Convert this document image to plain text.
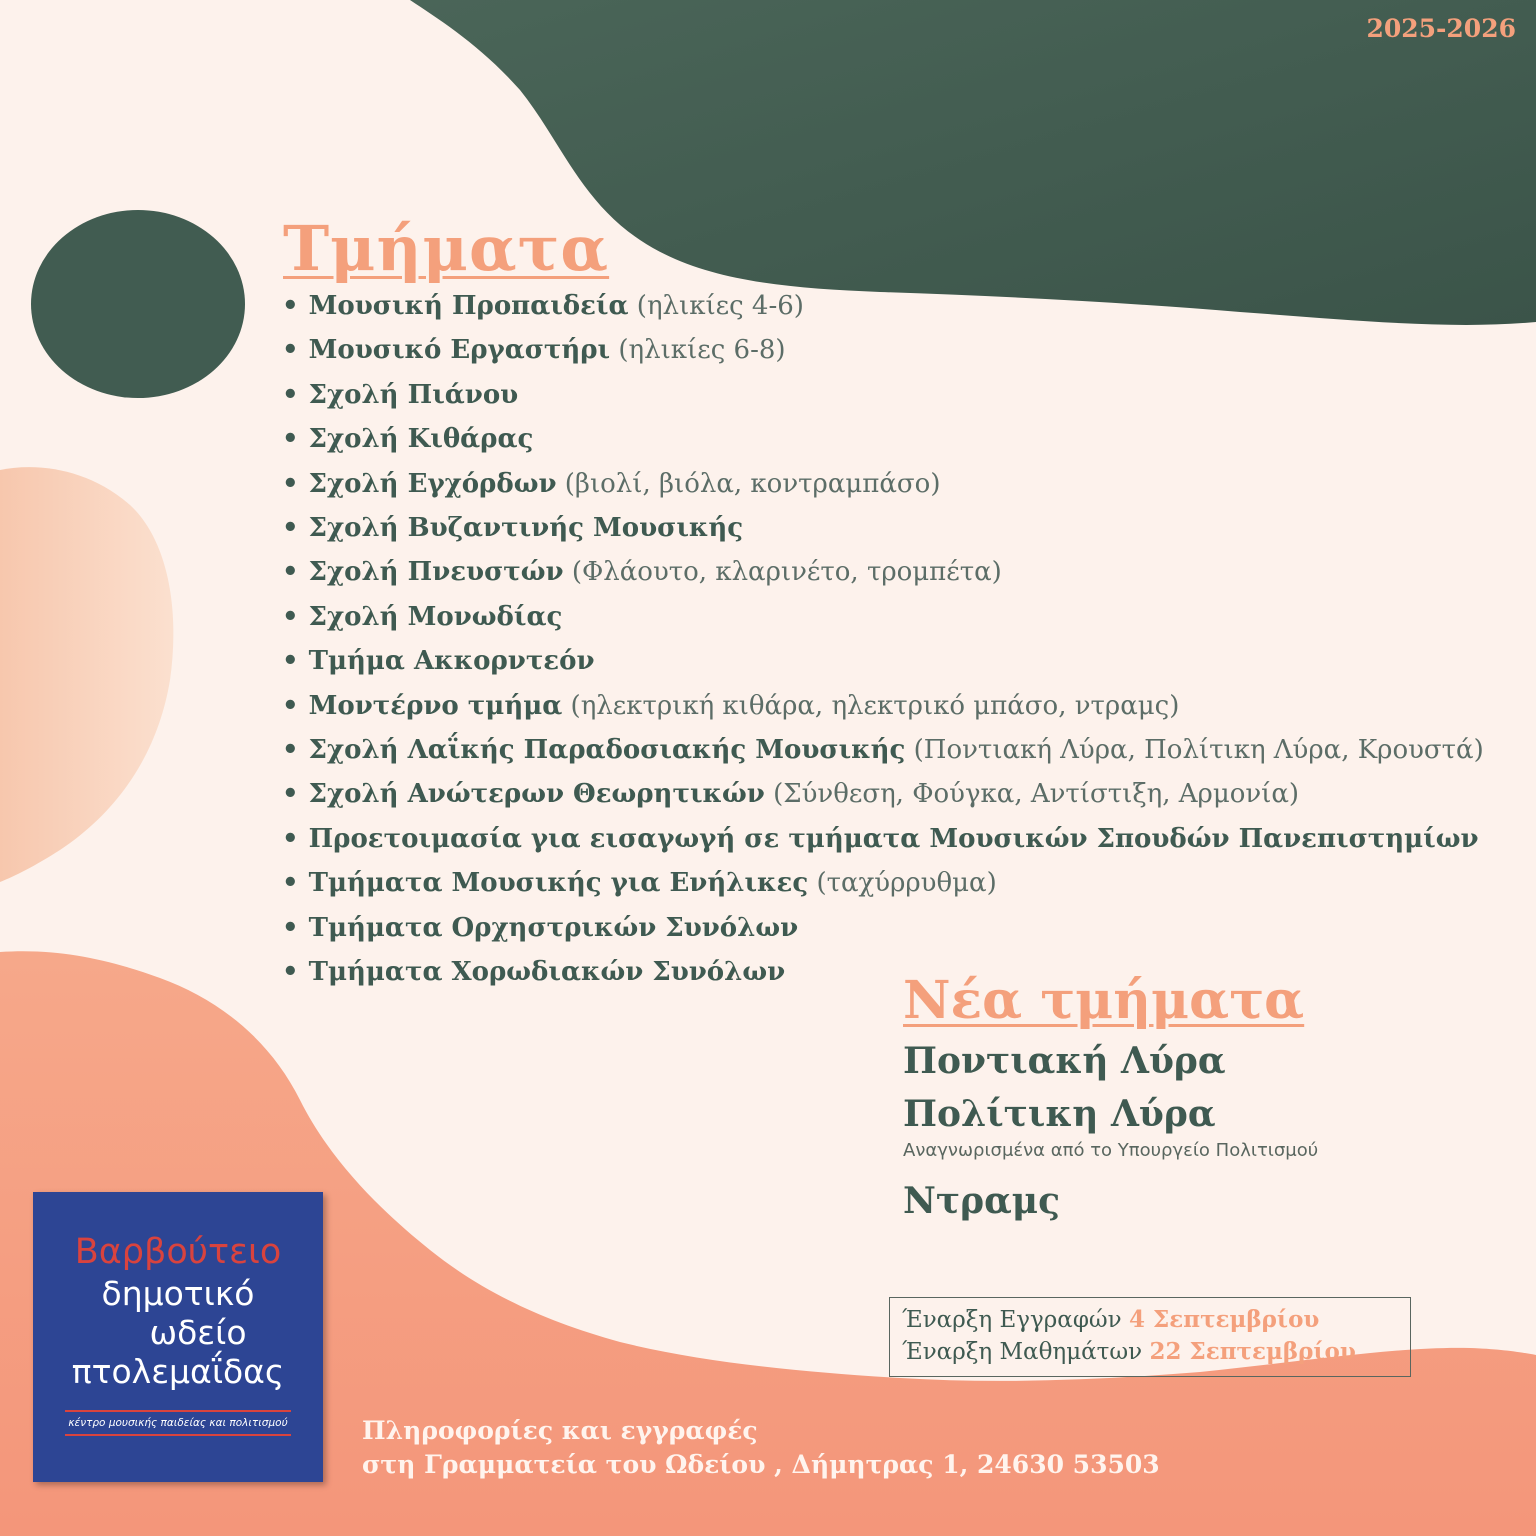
2025-2026
Τμήματα
• Μουσική Προπαιδεία (ηλικίες 4-6)
• Μουσικό Εργαστήρι (ηλικίες 6-8)
• Σχολή Πιάνου
• Σχολή Κιθάρας
• Σχολή Εγχόρδων (βιολί, βιόλα, κοντραμπάσο)
• Σχολή Βυζαντινής Μουσικής
• Σχολή Πνευστών (Φλάουτο, κλαρινέτο, τρομπέτα)
• Σχολή Μονωδίας
• Τμήμα Ακκορντεόν
• Μοντέρνο τμήμα (ηλεκτρική κιθάρα, ηλεκτρικό μπάσο, ντραμς)
• Σχολή Λαΐκής Παραδοσιακής Μουσικής (Ποντιακή Λύρα, Πολίτικη Λύρα, Κρουστά)
• Σχολή Ανώτερων Θεωρητικών (Σύνθεση, Φούγκα, Αντίστιξη, Αρμονία)
• Προετοιμασία για εισαγωγή σε τμήματα Μουσικών Σπουδών Πανεπιστημίων
• Τμήματα Μουσικής για Ενήλικες (ταχύρρυθμα)
• Τμήματα Ορχηστρικών Συνόλων
• Τμήματα Χορωδιακών Συνόλων	Νέα τμήματα
Ποντιακή Λύρα
Πολίτικη Λύρα
Αναγνωρισμένα από το Υπουργείο Πολιτισμού
Ντραμς
Έναρξη Εγγραφών 4 Σεπτεμβρίου
Έναρξη Μαθημάτων 22 Σεπτεμβρίου
Βαρβούτειο
δημοτικό
ωδείο
πτολεμαΐδας
κέντρο μουσικής παιδείας και πολιτισμού	Πληροφορίες και εγγραφές
στη Γραμματεία του Ωδείου , Δήμητρας 1, 24630 53503
